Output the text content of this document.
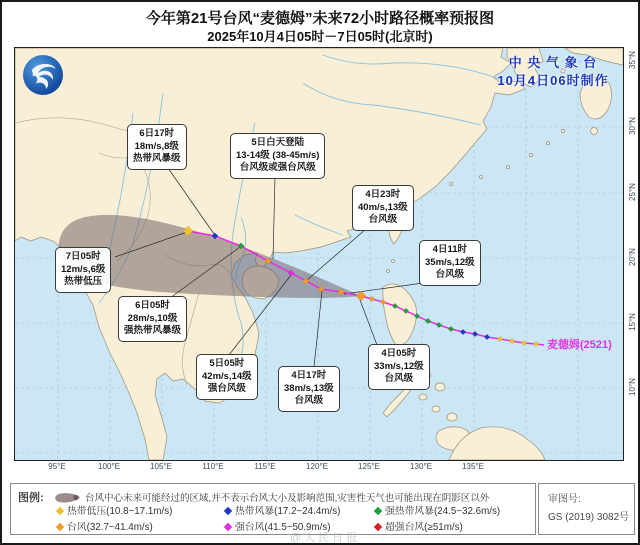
今年第21号台风“麦德姆”未来72小时路径概率预报图
2025年10月4日05时－7日05时(北京时)
麦德姆(2521)
中 央 气 象 台
10月4日06时制作
95°E	100°E	105°E	110°E	115°E	120°E	125°E	130°E	135°E
35°N
30°N
25°N
20°N
15°N
10°N
6日17时
18m/s,8级
热带风暴级
5日白天登陆
13-14级 (38-45m/s)
台风级或强台风级
4日23时
40m/s,13级
台风级
4日11时
35m/s,12级
台风级
7日05时
12m/s,6级
热带低压
6日05时
28m/s,10级
强热带风暴级
5日05时
42m/s,14级
强台风级
4日17时
38m/s,13级
台风级
4日05时
33m/s,12级
台风级
图例:	台风中心未来可能经过的区域,并不表示台风大小及影响范围,灾害性天气也可能出现在阴影区以外
热带低压(10.8~17.1m/s)	热带风暴(17.2~24.4m/s)	强热带风暴(24.5~32.6m/s)
台风(32.7~41.4m/s)	强台风(41.5~50.9m/s)	超强台风(≥51m/s)
审图号:
GS (2019) 3082号
@人民日报
